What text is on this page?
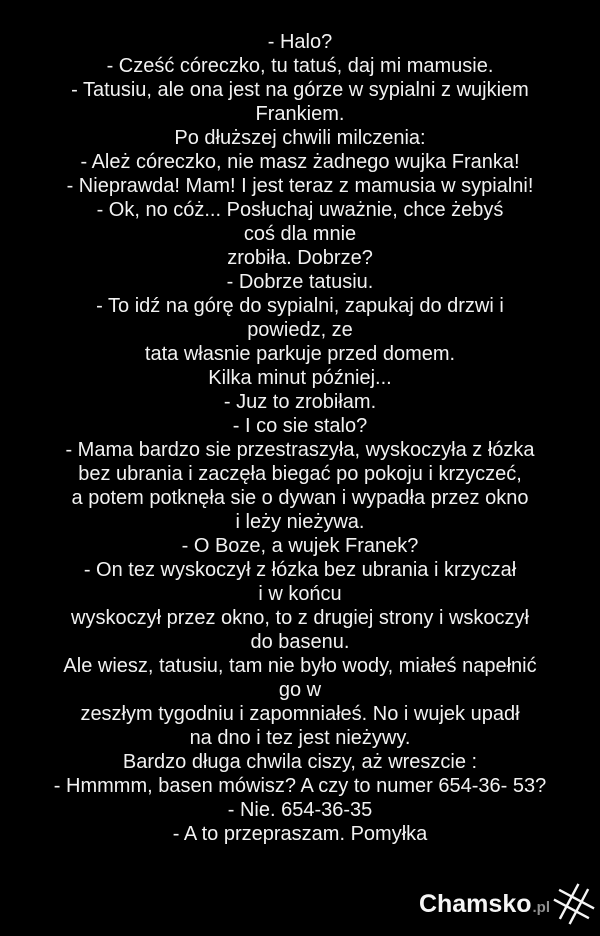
- Halo?
- Cześć córeczko, tu tatuś, daj mi mamusie.
- Tatusiu, ale ona jest na górze w sypialni z wujkiem
Frankiem.
Po dłuższej chwili milczenia:
- Ależ córeczko, nie masz żadnego wujka Franka!
- Nieprawda! Mam! I jest teraz z mamusia w sypialni!
- Ok, no cóż... Posłuchaj uważnie, chce żebyś
coś dla mnie
zrobiła. Dobrze?
- Dobrze tatusiu.
- To idź na górę do sypialni, zapukaj do drzwi i
powiedz, ze
tata własnie parkuje przed domem.
Kilka minut później...
- Juz to zrobiłam.
- I co sie stalo?
- Mama bardzo sie przestraszyła, wyskoczyła z łózka
bez ubrania i zaczęła biegać po pokoju i krzyczeć,
a potem potknęła sie o dywan i wypadła przez okno
i leży nieżywa.
- O Boze, a wujek Franek?
- On tez wyskoczył z łózka bez ubrania i krzyczał
i w końcu
wyskoczył przez okno, to z drugiej strony i wskoczył
do basenu.
Ale wiesz, tatusiu, tam nie było wody, miałeś napełnić
go w
zeszłym tygodniu i zapomniałeś. No i wujek upadł
na dno i tez jest nieżywy.
Bardzo długa chwila ciszy, aż wreszcie :
- Hmmmm, basen mówisz? A czy to numer 654-36- 53?
- Nie. 654-36-35
- A to przepraszam. Pomyłka
Chamsko .pl
